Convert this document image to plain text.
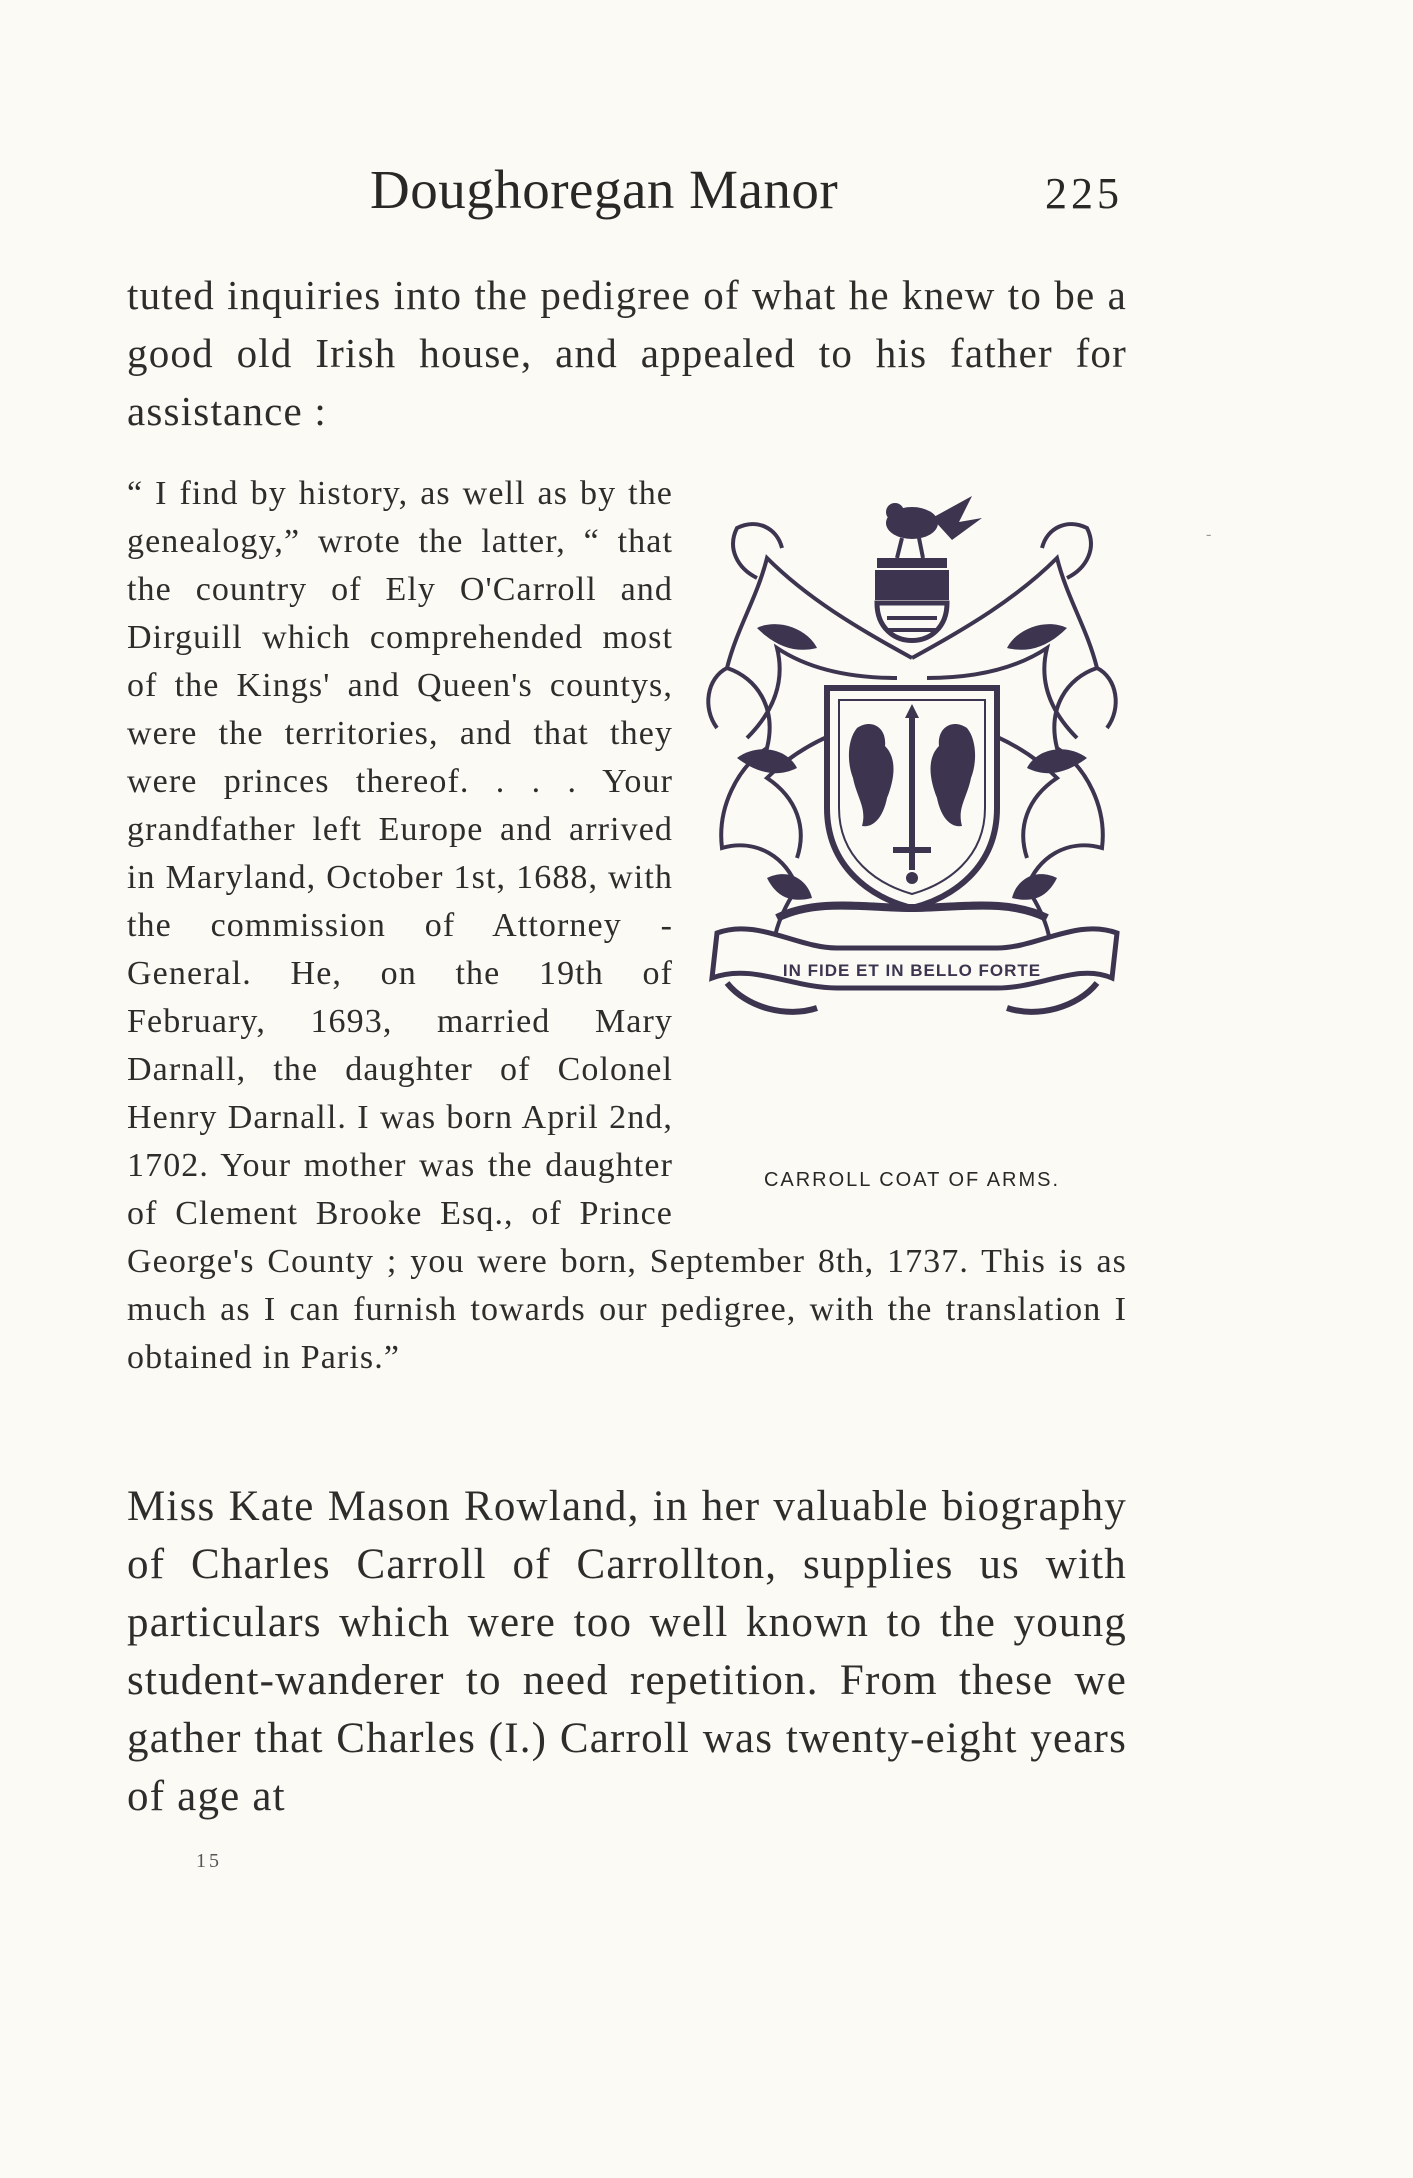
Doughoregan Manor	225

tuted inquiries into the pedigree of what he knew to be a good old Irish house, and appealed to his father for assistance :

IN FIDE ET IN BELLO FORTE
CARROLL COAT OF ARMS.
“ I find by history, as well as by the genealogy,” wrote the latter, “ that the country of Ely O'Carroll and Dirguill which comprehended most of the Kings' and Queen's countys, were the territories, and that they were princes thereof. . . . Your grandfather left Europe and arrived in Maryland, October 1st, 1688, with the commission of Attorney - General. He, on the 19th of February, 1693, married Mary Darnall, the daughter of Colonel Henry Darnall. I was born April 2nd, 1702. Your mother was the daughter of Clement Brooke Esq., of Prince George's County ; you were born, September 8th, 1737. This is as much as I can furnish towards our pedigree, with the translation I obtained in Paris.”

Miss Kate Mason Rowland, in her valuable biography of Charles Carroll of Carrollton, supplies us with particulars which were too well known to the young student-wanderer to need repetition. From these we gather that Charles (I.) Carroll was twenty-eight years of age at

15
-
